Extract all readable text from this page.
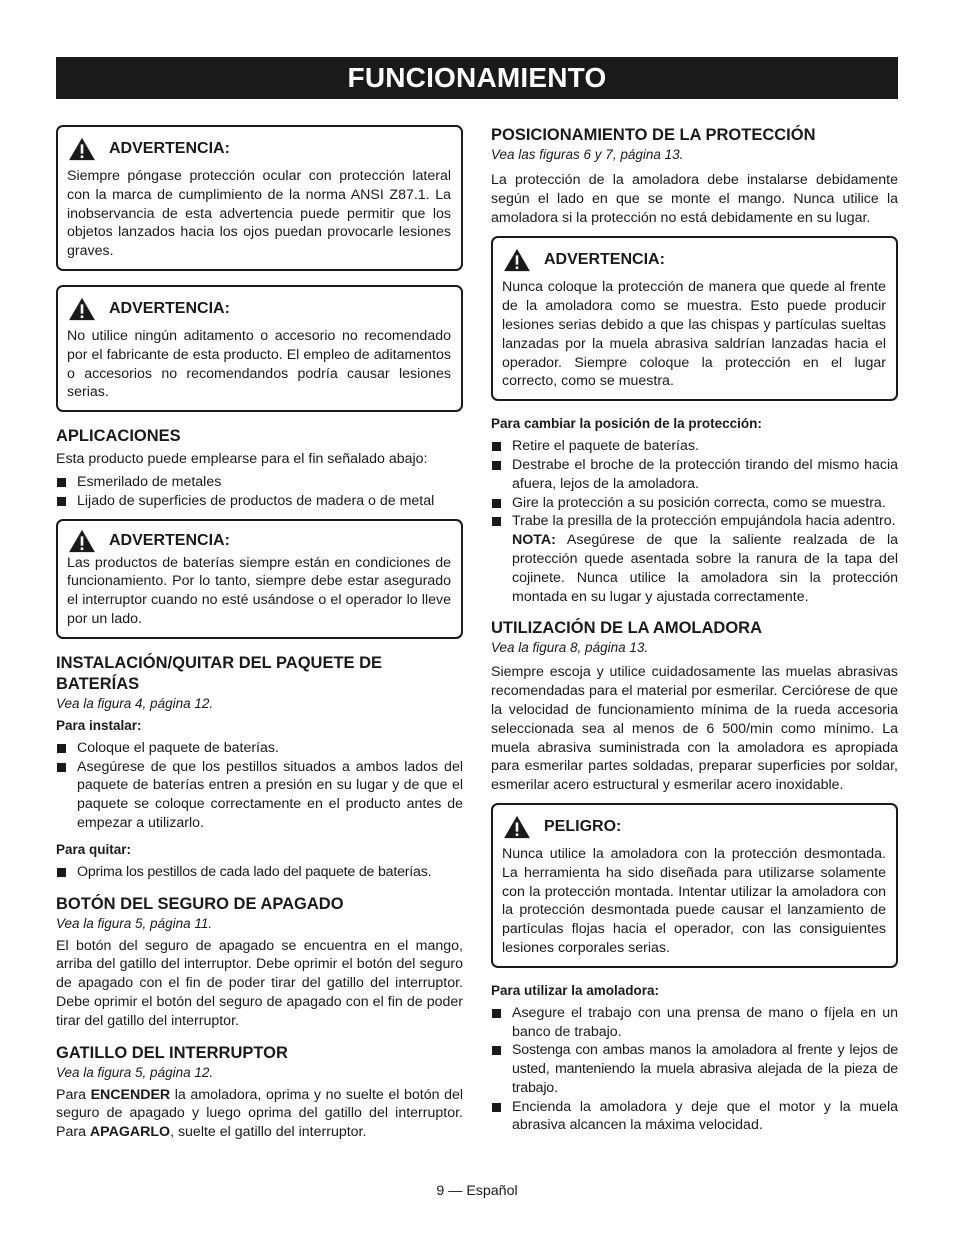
FUNCIONAMIENTO
ADVERTENCIA:

Siempre póngase protección ocular con protección lateral con la marca de cumplimiento de la norma ANSI Z87.1. La inobservancia de esta advertencia puede permitir que los objetos lanzados hacia los ojos puedan provocarle lesiones graves.

ADVERTENCIA:

No utilice ningún aditamento o accesorio no recomendado por el fabricante de esta producto. El empleo de aditamentos o accesorios no recomendandos podría causar lesiones serias.

APLICACIONES

Esta producto puede emplearse para el fin señalado abajo:

Esmerilado de metales
Lijado de superficies de productos de madera o de metal
ADVERTENCIA:

Las productos de baterías siempre están en condiciones de funcionamiento. Por lo tanto, siempre debe estar asegurado el interruptor cuando no esté usándose o el operador lo lleve por un lado.

INSTALACIÓN/QUITAR DEL PAQUETE DE BATERÍAS

Vea la figura 4, página 12.

Para instalar:

Coloque el paquete de baterías.
Asegúrese de que los pestillos situados a ambos lados del paquete de baterías entren a presión en su lugar y de que el paquete se coloque correctamente en el producto antes de empezar a utilizarlo.

Para quitar:

Oprima los pestillos de cada lado del paquete de baterías.
BOTÓN DEL SEGURO DE APAGADO

Vea la figura 5, página 11.

El botón del seguro de apagado se encuentra en el mango, arriba del gatillo del interruptor. Debe oprimir el botón del seguro de apagado con el fin de poder tirar del gatillo del interruptor. Debe oprimir el botón del seguro de apagado con el fin de poder tirar del gatillo del interruptor.

GATILLO DEL INTERRUPTOR

Vea la figura 5, página 12.

Para ENCENDER la amoladora, oprima y no suelte el botón del seguro de apagado y luego oprima del gatillo del interruptor. Para APAGARLO, suelte el gatillo del interruptor.

POSICIONAMIENTO DE LA PROTECCIÓN

Vea las figuras 6 y 7, página 13.

La protección de la amoladora debe instalarse debidamente según el lado en que se monte el mango. Nunca utilice la amoladora si la protección no está debidamente en su lugar.

ADVERTENCIA:

Nunca coloque la protección de manera que quede al frente de la amoladora como se muestra. Esto puede producir lesiones serias debido a que las chispas y partículas sueltas lanzadas por la muela abrasiva saldrían lanzadas hacia el operador. Siempre coloque la protección en el lugar correcto, como se muestra.

Para cambiar la posición de la protección:

Retire el paquete de baterías.
Destrabe el broche de la protección tirando del mismo hacia afuera, lejos de la amoladora.
Gire la protección a su posición correcta, como se muestra.
Trabe la presilla de la protección empujándola hacia adentro.
NOTA: Asegúrese de que la saliente realzada de la protección quede asentada sobre la ranura de la tapa del cojinete. Nunca utilice la amoladora sin la protección montada en su lugar y ajustada correctamente.
UTILIZACIÓN DE LA AMOLADORA

Vea la figura 8, página 13.

Siempre escoja y utilice cuidadosamente las muelas abrasivas recomendadas para el material por esmerilar. Cerciórese de que la velocidad de funcionamiento mínima de la rueda accesoria seleccionada sea al menos de 6 500/min como mínimo. La muela abrasiva suministrada con la amoladora es apropiada para esmerilar partes soldadas, preparar superficies por soldar, esmerilar acero estructural y esmerilar acero inoxidable.

PELIGRO:

Nunca utilice la amoladora con la protección desmontada. La herramienta ha sido diseñada para utilizarse solamente con la protección montada. Intentar utilizar la amoladora con la protección desmontada puede causar el lanzamiento de partículas flojas hacia el operador, con las consiguientes lesiones corporales serias.

Para utilizar la amoladora:

Asegure el trabajo con una prensa de mano o fíjela en un banco de trabajo.
Sostenga con ambas manos la amoladora al frente y lejos de usted, manteniendo la muela abrasiva alejada de la pieza de trabajo.
Encienda la amoladora y deje que el motor y la muela abrasiva alcancen la máxima velocidad.
9 — Español
